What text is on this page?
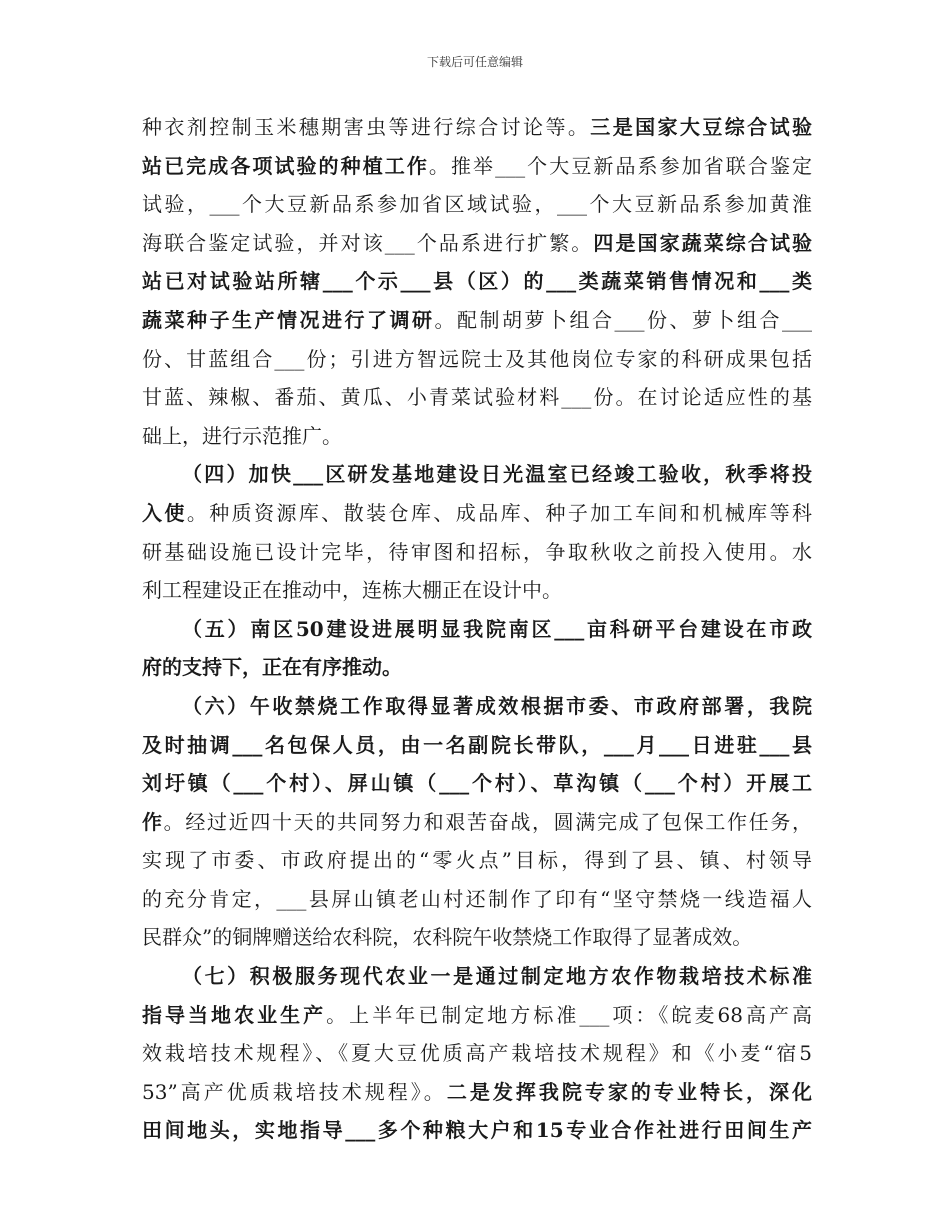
下载后可任意编辑
种衣剂控制玉米穗期害虫等进行综合讨论等。三是国家大豆综合试验
站已完成各项试验的种植工作。推举___个大豆新品系参加省联合鉴定
试验，___个大豆新品系参加省区域试验，___个大豆新品系参加黄淮
海联合鉴定试验，并对该___个品系进行扩繁。四是国家蔬菜综合试验
站已对试验站所辖___个示___县（区）的___类蔬菜销售情况和___类
蔬菜种子生产情况进行了调研。配制胡萝卜组合___份、萝卜组合___
份、甘蓝组合___份；引进方智远院士及其他岗位专家的科研成果包括
甘蓝、辣椒、番茄、黄瓜、小青菜试验材料___份。在讨论适应性的基
础上，进行示范推广。
（四）加快___区研发基地建设日光温室已经竣工验收，秋季将投
入使。种质资源库、散装仓库、成品库、种子加工车间和机械库等科
研基础设施已设计完毕，待审图和招标，争取秋收之前投入使用。水
利工程建设正在推动中，连栋大棚正在设计中。
（五）南区50建设进展明显我院南区___亩科研平台建设在市政
府的支持下，正在有序推动。
（六）午收禁烧工作取得显著成效根据市委、市政府部署，我院
及时抽调___名包保人员，由一名副院长带队，___月___日进驻___县
刘圩镇（___个村）、屏山镇（___个村）、草沟镇（___个村）开展工
作。经过近四十天的共同努力和艰苦奋战，圆满完成了包保工作任务，
实现了市委、市政府提出的“零火点”目标，得到了县、镇、村领导
的充分肯定，___县屏山镇老山村还制作了印有“坚守禁烧一线造福人
民群众”的铜牌赠送给农科院，农科院午收禁烧工作取得了显著成效。
（七）积极服务现代农业一是通过制定地方农作物栽培技术标准
指导当地农业生产。上半年已制定地方标准___项：《皖麦68高产高
效栽培技术规程》、《夏大豆优质高产栽培技术规程》和《小麦“宿5
53”高产优质栽培技术规程》。二是发挥我院专家的专业特长，深化
田间地头，实地指导___多个种粮大户和15专业合作社进行田间生产
